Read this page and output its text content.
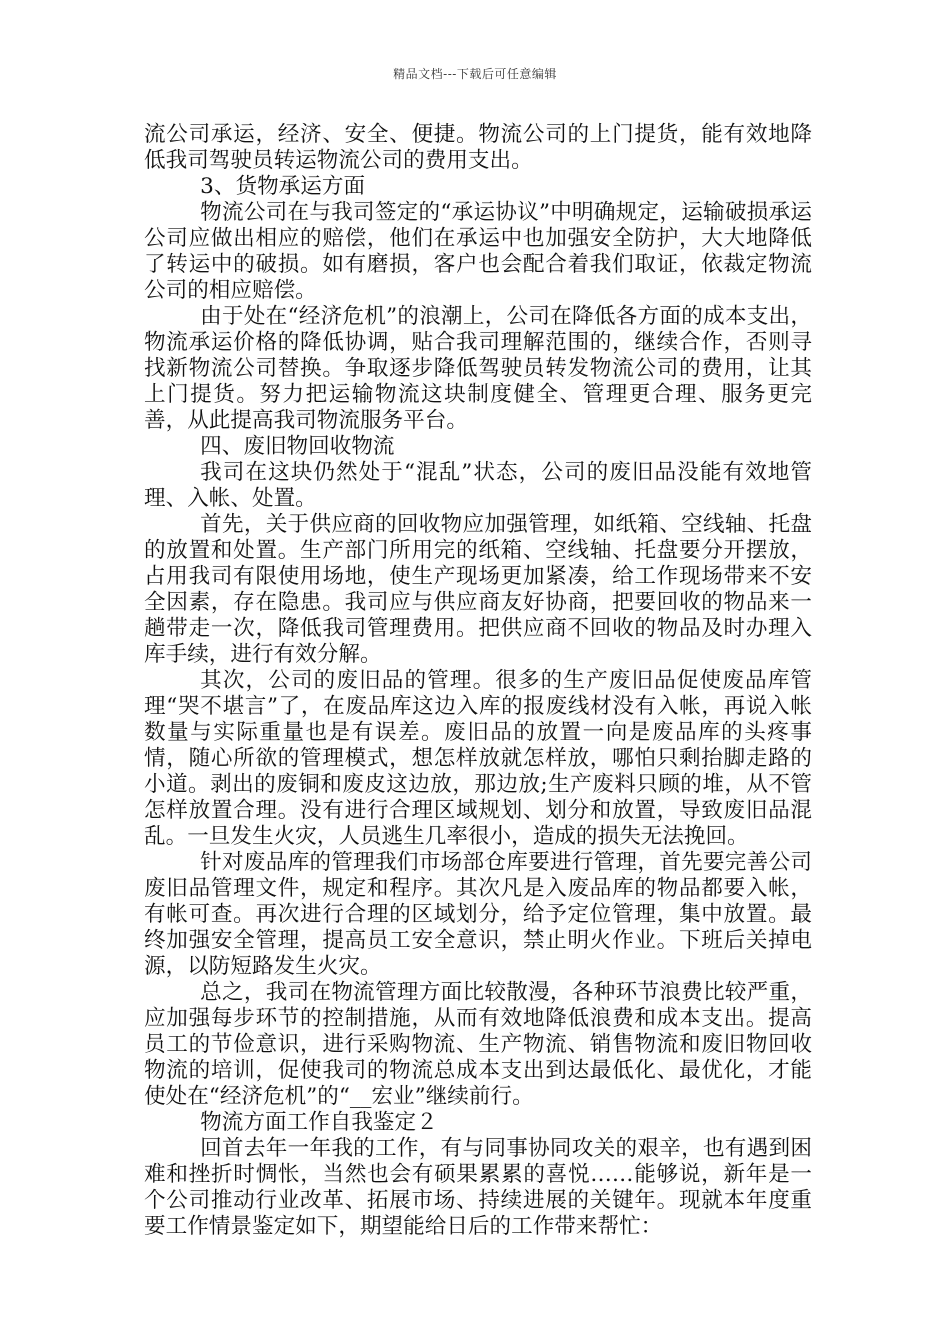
精品文档---下载后可任意编辑

流公司承运，经济、安全、便捷。物流公司的上门提货，能有效地降低我司驾驶员转运物流公司的费用支出。

3、货物承运方面

物流公司在与我司签定的“承运协议”中明确规定，运输破损承运公司应做出相应的赔偿，他们在承运中也加强安全防护，大大地降低了转运中的破损。如有磨损，客户也会配合着我们取证，依裁定物流公司的相应赔偿。

由于处在“经济危机”的浪潮上，公司在降低各方面的成本支出，物流承运价格的降低协调，贴合我司理解范围的，继续合作，否则寻找新物流公司替换。争取逐步降低驾驶员转发物流公司的费用，让其上门提货。努力把运输物流这块制度健全、管理更合理、服务更完善，从此提高我司物流服务平台。

四、废旧物回收物流

我司在这块仍然处于“混乱”状态，公司的废旧品没能有效地管理、入帐、处置。

首先，关于供应商的回收物应加强管理，如纸箱、空线轴、托盘的放置和处置。生产部门所用完的纸箱、空线轴、托盘要分开摆放，占用我司有限使用场地，使生产现场更加紧凑，给工作现场带来不安全因素，存在隐患。我司应与供应商友好协商，把要回收的物品来一趟带走一次，降低我司管理费用。把供应商不回收的物品及时办理入库手续，进行有效分解。

其次，公司的废旧品的管理。很多的生产废旧品促使废品库管理“哭不堪言”了，在废品库这边入库的报废线材没有入帐，再说入帐数量与实际重量也是有误差。废旧品的放置一向是废品库的头疼事情，随心所欲的管理模式，想怎样放就怎样放，哪怕只剩抬脚走路的小道。剥出的废铜和废皮这边放，那边放;生产废料只顾的堆，从不管怎样放置合理。没有进行合理区域规划、划分和放置，导致废旧品混乱。一旦发生火灾，人员逃生几率很小，造成的损失无法挽回。

针对废品库的管理我们市场部仓库要进行管理，首先要完善公司废旧品管理文件，规定和程序。其次凡是入废品库的物品都要入帐，有帐可查。再次进行合理的区域划分，给予定位管理，集中放置。最终加强安全管理，提高员工安全意识，禁止明火作业。下班后关掉电源，以防短路发生火灾。

总之，我司在物流管理方面比较散漫，各种环节浪费比较严重，应加强每步环节的控制措施，从而有效地降低浪费和成本支出。提高员工的节俭意识，进行采购物流、生产物流、销售物流和废旧物回收物流的培训，促使我司的物流总成本支出到达最低化、最优化，才能使处在“经济危机”的“__宏业”继续前行。

物流方面工作自我鉴定２

回首去年一年我的工作，有与同事协同攻关的艰辛，也有遇到困难和挫折时惆怅，当然也会有硕果累累的喜悦……能够说，新年是一个公司推动行业改革、拓展市场、持续进展的关键年。现就本年度重要工作情景鉴定如下，期望能给日后的工作带来帮忙：
